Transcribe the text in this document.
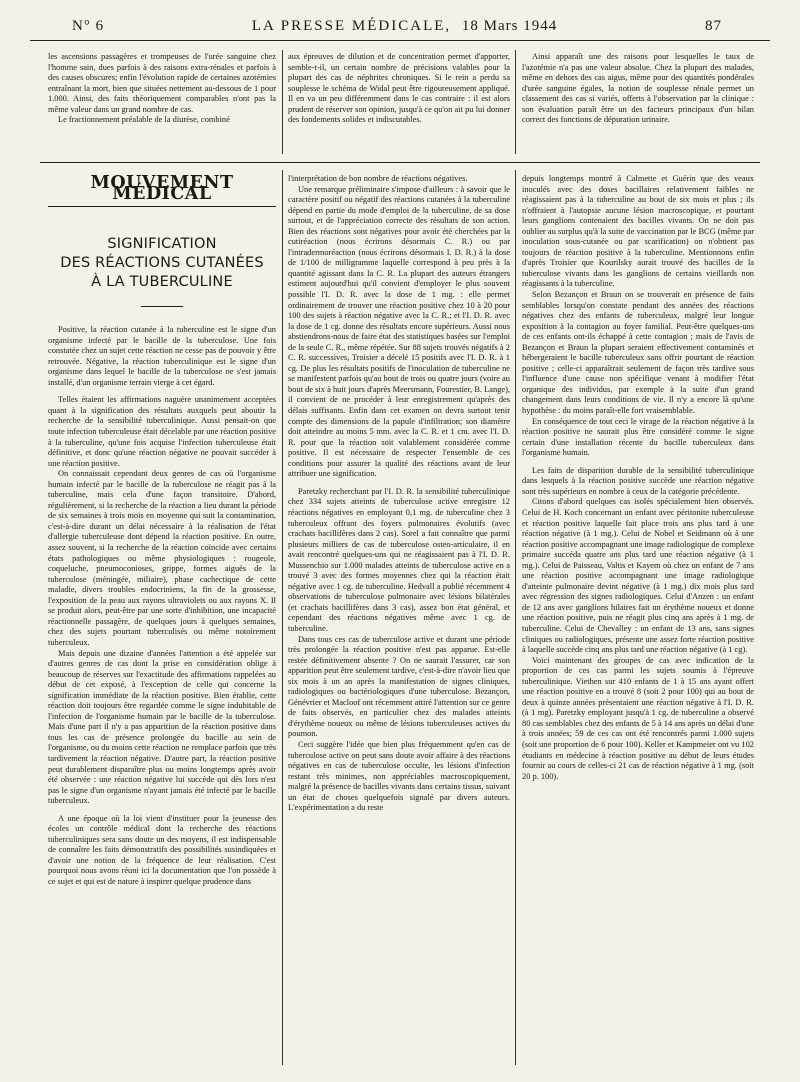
N° 6	LA PRESSE MÉDICALE, 18 Mars 1944	87

les ascensions passagères et trompeuses de l'urée sanguine chez l'homme sain, dues parfois à des raisons extra-rénales et parfois à des causes obscures; enfin l'évolution rapide de certaines azotémies entraînant la mort, bien que situées nettement au-dessous de 1 pour 1.000. Ainsi, des faits théoriquement comparables n'ont pas la même valeur dans un grand nombre de cas.

Le fractionnement préalable de la diurèse, combiné

aux épreuves de dilution et de concentration permet d'apporter, semble-t-il, un certain nombre de précisions valables pour la plupart des cas de néphrites chroniques. Si le rein a perdu sa souplesse le schéma de Widal peut être rigoureusement appliqué. Il en va un peu différemment dans le cas contraire : il est alors prudent de réserver son opinion, jusqu'à ce qu'on ait pu lui donner des fondements solides et indiscutables.

Ainsi apparaît une des raisons pour lesquelles le taux de l'azotémie n'a pas une valeur absolue. Chez la plupart des malades, même en dehors des cas aigus, même pour des quantités pondérales d'urée sanguine égales, la notion de souplesse rénale permet un classement des cas si variés, offerts à l'observation par la clinique : son évaluation paraît être un des facteurs principaux d'un bilan correct des fonctions de dépuration urinaire.

MOUVEMENT MÉDICAL
SIGNIFICATION
DES RÉACTIONS CUTANÉES
À LA TUBERCULINE

Positive, la réaction cutanée à la tuberculine est le signe d'un organisme infecté par le bacille de la tuberculose. Une fois constatée chez un sujet cette réaction ne cesse pas de pouvoir y être retrouvée. Négative, la réaction tuberculinique est le signe d'un organisme dans lequel le bacille de la tuberculose ne s'est jamais installé, d'un organisme terrain vierge à cet égard.

Telles étaient les affirmations naguère unanimement acceptées quant à la signification des résultats auxquels peut aboutir la recherche de la sensibilité tuberculinique. Aussi pensait-on que toute infection tuberculeuse était décelable par une réaction positive à la tuberculine, qu'une fois acquise l'infection tuberculeuse était définitive, et donc qu'une réaction négative ne pouvait succéder à une réaction positive.

On connaissait cependant deux genres de cas où l'organisme humain infecté par le bacille de la tuberculose ne réagit pas à la tuberculine, mais cela d'une façon transitoire. D'abord, régulièrement, si la recherche de la réaction a lieu durant la période de six semaines à trois mois en moyenne qui suit la contamination, c'est-à-dire durant un délai nécessaire à la réalisation de l'état d'allergie tuberculeuse dont dépend la réaction positive. En outre, assez souvent, si la recherche de la réaction coïncide avec certains états pathologiques ou même physiologiques : rougeole, coqueluche, pneumoconioses, grippe, formes aiguës de la tuberculose (méningée, miliaire), phase cachectique de cette maladie, divers troubles endocriniens, la fin de la grossesse, l'exposition de la peau aux rayons ultraviolets ou aux rayons X. Il se produit alors, peut-être par une sorte d'inhibition, une incapacité réactionnelle passagère, de quelques jours à quelques semaines, chez des sujets pourtant tuberculisés ou même notoirement tuberculeux.

Mais depuis une dizaine d'années l'attention a été appelée sur d'autres genres de cas dont la prise en considération oblige à beaucoup de réserves sur l'exactitude des affirmations rappelées au début de cet exposé, à l'exception de celle qui concerne la signification immédiate de la réaction positive. Bien établie, cette réaction doit toujours être regardée comme le signe indubitable de l'infection de l'organisme humain par le bacille de la tuberculose. Mais d'une part il n'y a pas apparition de la réaction positive dans tous les cas de présence prolongée du bacille au sein de l'organisme, ou du moins cette réaction ne remplace parfois que très tardivement la réaction négative. D'autre part, la réaction positive peut durablement disparaître plus ou moins longtemps après avoir été observée : une réaction négative lui succède qui dès lors n'est pas le signe d'un organisme n'ayant jamais été infecté par le bacille tuberculeux.

A une époque où la loi vient d'instituer pour la jeunesse des écoles un contrôle médical dont la recherche des réactions tuberculiniques sera sans doute un des moyens, il est indispensable de connaître les faits démonstratifs des possibilités susindiquées et d'avoir une notion de la fréquence de leur réalisation. C'est pourquoi nous avons réuni ici la documentation que l'on possède à ce sujet et qui est de nature à inspirer quelque prudence dans

l'interprétation de bon nombre de réactions négatives.

Une remarque préliminaire s'impose d'ailleurs : à savoir que le caractère positif ou négatif des réactions cutanées à la tuberculine dépend en partie du mode d'emploi de la tuberculine, de sa dose surtout, et de l'appréciation correcte des résultats de son action. Bien des réactions sont négatives pour avoir été cherchées par la cutiréaction (nous écrirons désormais C. R.) ou par l'intradermoréaction (nous écrirons désormais I. D. R.) à la dose de 1/100 de milligramme laquelle correspond à peu près à la quantité agissant dans la C. R. La plupart des auteurs étrangers estiment aujourd'hui qu'il convient d'employer le plus souvent possible l'I. D. R. avec la dose de 1 mg. : elle permet ordinairement de trouver une réaction positive chez 10 à 20 pour 100 des sujets à réaction négative avec la C. R.; et l'I. D. R. avec la dose de 1 cg. donne des résultats encore supérieurs. Aussi nous abstiendrons-nous de faire état des statistiques basées sur l'emploi de la seule C. R., même répétée. Sur 88 sujets trouvés négatifs à 2 C. R. successives, Troisier a décelé 15 positifs avec l'I. D. R. à 1 cg. De plus les résultats positifs de l'inoculation de tuberculine ne se manifestent parfois qu'au bout de trois ou quatre jours (voire au bout de six à huit jours d'après Meersmann, Fourestier, B. Lange), il convient de ne procéder à leur enregistrement qu'après des délais suffisants. Enfin dans cet examen on devra surtout tenir compte des dimensions de la papule d'infiltration; son diamètre doit atteindre au moins 5 mm. avec la C. R. et 1 cm. avec l'I. D. R. pour que la réaction soit valablement considérée comme positive. Il est nécessaire de respecter l'ensemble de ces conditions pour assurer la qualité des réactions avant de leur attribuer une signification.

Paretzky recherchant par l'I. D. R. la sensibilité tuberculinique chez 334 sujets atteints de tuberculose active enregistre 12 réactions négatives en employant 0,1 mg. de tuberculine chez 3 tuberculeux offrant des foyers pulmonaires évolutifs (avec crachats bacillifères dans 2 cas). Sorel a fait connaître que parmi plusieurs milliers de cas de tuberculose osteo-articulaire, il en avait rencontré quelques-uns qui ne réagissaient pas à l'I. D. R. Mussenchio sur 1.000 malades atteints de tuberculose active en a trouvé 3 avec des formes moyennes chez qui la réaction était négative avec 1 cg. de tuberculine. Hedvall a publié récemment 4 observations de tuberculose pulmonaire avec lésions bilatérales (et crachats bacillifères dans 3 cas), assez bon état général, et cependant des réactions négatives même avec 1 cg. de tuberculine.

Dans tous ces cas de tuberculose active et durant une période très prolongée la réaction positive n'est pas apparue. Est-elle restée définitivement absente ? On ne saurait l'assurer, car son apparition peut être seulement tardive, c'est-à-dire n'avoir lieu que six mois à un an après la manifestation de signes cliniques, radiologiques ou bactériologiques d'une tuberculose. Bezançon, Génévrier et Macloof ont récemment attiré l'attention sur ce genre de faits observés, en particulier chez des malades atteints d'érythème noueux ou même de lésions tuberculeuses actives du poumon.

Ceci suggère l'idée que bien plus fréquemment qu'en cas de tuberculose active on peut sans doute avoir affaire à des réactions négatives en cas de tuberculose occulte, les lésions d'infection restant très minimes, non appréciables macroscopiquement, malgré la présence de bacilles vivants dans certains tissus, suivant un état de choses quelquefois signalé par divers auteurs. L'expérimentation a du reste

depuis longtemps montré à Calmette et Guérin que des veaux inoculés avec des doses bacillaires relativement faibles ne réagissaient pas à la tuberculine au bout de six mois et plus ; ils n'offraient à l'autopsie aucune lésion macroscopique, et pourtant leurs ganglions contenaient des bacilles vivants. On ne doit pas oublier au surplus qu'à la suite de vaccination par le BCG (même par inoculation sous-cutanée ou par scarification) on n'obtient pas toujours de réaction positive à la tuberculine. Mentionnons enfin d'après Troisier que Kourilsky aurait trouvé des bacilles de la tuberculose vivants dans les ganglions de certains vieillards non réagissants à la tuberculine.

Selon Bezançon et Braun on se trouverait en présence de faits semblables lorsqu'on constate pendant des années des réactions négatives chez des enfants de tuberculeux, malgré leur longue exposition à la contagion au foyer familial. Peut-être quelques-uns de ces enfants ont-ils échappé à cette contagion ; mais de l'avis de Bezançon et Braun la plupart seraient effectivement contaminés et hébergeraient le bacille tuberculeux sans offrir pourtant de réaction positive ; celle-ci apparaîtrait seulement de façon très tardive sous l'influence d'une cause non spécifique venant à modifier l'état organique des individus, par exemple à la suite d'un grand changement dans leurs conditions de vie. Il n'y a encore là qu'une hypothèse : du moins paraît-elle fort vraisemblable.

En conséquence de tout ceci le virage de la réaction négative à la réaction positive ne saurait plus être considéré comme le signe certain d'une installation récente du bacille tuberculeux dans l'organisme humain.

Les faits de disparition durable de la sensibilité tuberculinique dans lesquels à la réaction positive succède une réaction négative sont très supérieurs en nombre à ceux de la catégorie précédente.

Citons d'abord quelques cas isolés spécialement bien observés. Celui de H. Koch concernant un enfant avec péritonite tuberculeuse et réaction positive laquelle fait place trois ans plus tard à une réaction négative (à 1 mg.). Celui de Nobel et Seidmann où à une réaction positive accompagnant une image radiologique de complexe primaire succéda quatre ans plus tard une réaction négative (à 1 mg.). Celui de Paisseau, Valtis et Kayem où chez un enfant de 7 ans une réaction positive accompagnant une image radiologique d'atteinte pulmonaire devint négative (à 1 mg.) dix mois plus tard avec régression des signes radiologiques. Celui d'Anzen : un enfant de 12 ans avec ganglions hilaires fait un érythème noueux et donne une réaction positive, puis ne réagit plus cinq ans après à 1 mg. de tuberculine. Celui de Chevalley : un enfant de 13 ans, sans signes cliniques ou radiologiques, présente une assez forte réaction positive à laquelle succède cinq ans plus tard une réaction négative (à 1 cg).

Voici maintenant des groupes de cas avec indication de la proportion de ces cas parmi les sujets soumis à l'épreuve tuberculinique. Viethen sur 410 enfants de 1 à 15 ans ayant offert une réaction positive en a trouvé 8 (soit 2 pour 100) qui au bout de deux à quinze années présentaient une réaction négative à l'I. D. R. (à 1 mg). Paretzky employant jusqu'à 1 cg. de tuberculine a observé 80 cas semblables chez des enfants de 5 à 14 ans après un délai d'une à trois années; 59 de ces cas ont été rencontrés parmi 1.000 sujets (soit une proportion de 6 pour 100). Keller et Kampmeier ont vu 102 étudiants en médecine à réaction positive au début de leurs études fournir au cours de celles-ci 21 cas de réaction négative à 1 mg. (soit 20 p. 100).
